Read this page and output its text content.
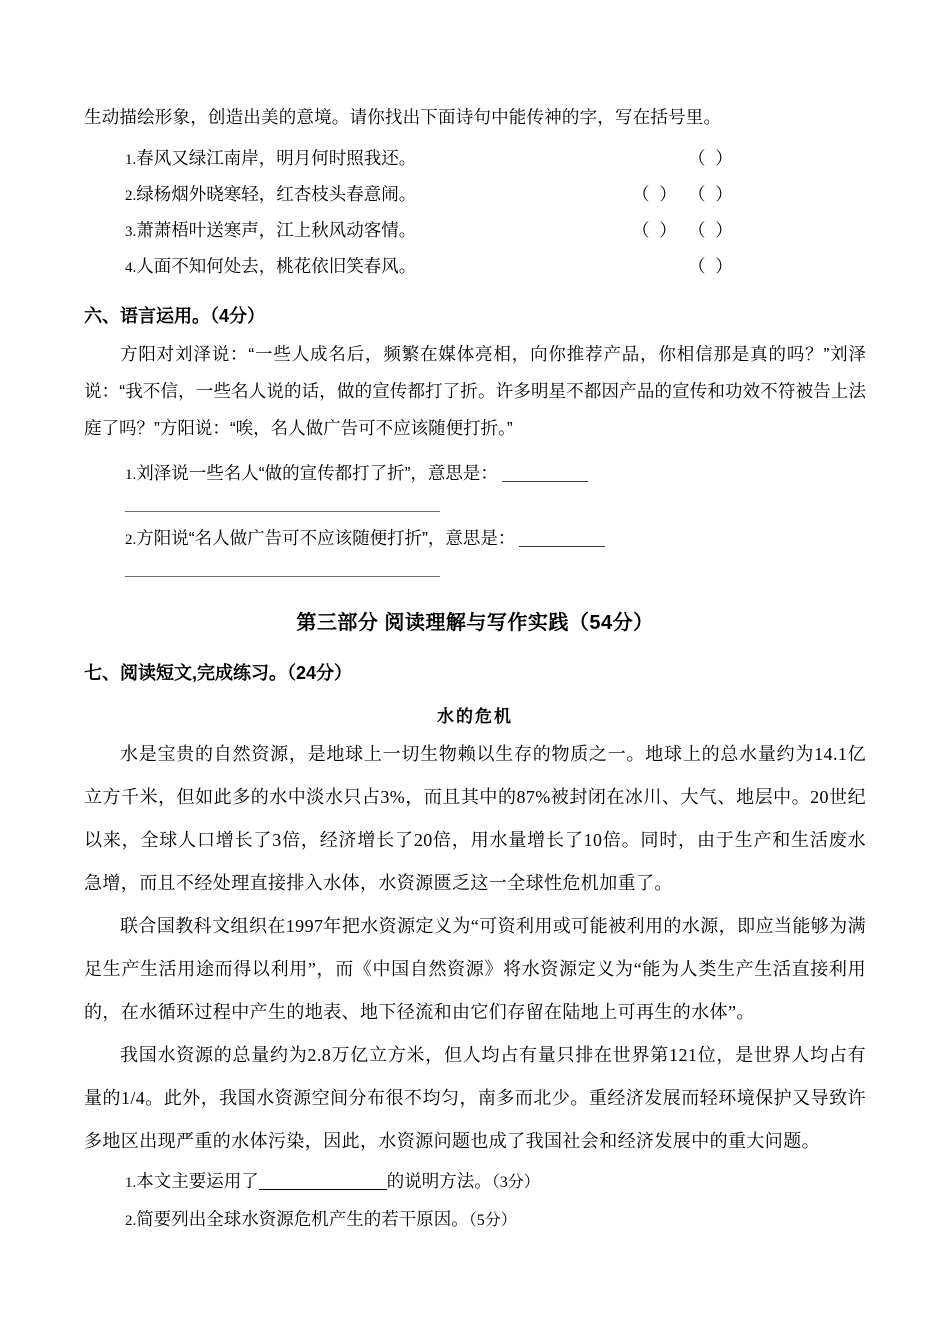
生动描绘形象，创造出美的意境。请你找出下面诗句中能传神的字，写在括号里。
1.春风又绿江南岸，明月何时照我还。	（  ）
2.绿杨烟外晓寒轻，红杏枝头春意闹。	（  ） （  ）
3.萧萧梧叶送寒声，江上秋风动客情。	（  ） （  ）
4.人面不知何处去，桃花依旧笑春风。	（  ）
六、语言运用。（4分）
方阳对刘泽说：“一些人成名后，频繁在媒体亮相，向你推荐产品，你相信那是真的吗？”刘泽说：“我不信，一些名人说的话，做的宣传都打了折。许多明星不都因产品的宣传和功效不符被告上法庭了吗？”方阳说：“唉，名人做广告可不应该随便打折。”
1.刘泽说一些名人“做的宣传都打了折”，意思是：
2.方阳说“名人做广告可不应该随便打折”，意思是：
第三部分 阅读理解与写作实践（54分）
七、阅读短文,完成练习。（24分）
水的危机

水是宝贵的自然资源，是地球上一切生物赖以生存的物质之一。地球上的总水量约为14.1亿立方千米，但如此多的水中淡水只占3%，而且其中的87%被封闭在冰川、大气、地层中。20世纪以来，全球人口增长了3倍，经济增长了20倍，用水量增长了10倍。同时，由于生产和生活废水急增，而且不经处理直接排入水体，水资源匮乏这一全球性危机加重了。

联合国教科文组织在1997年把水资源定义为“可资利用或可能被利用的水源，即应当能够为满足生产生活用途而得以利用”，而《中国自然资源》将水资源定义为“能为人类生产生活直接利用的，在水循环过程中产生的地表、地下径流和由它们存留在陆地上可再生的水体”。

我国水资源的总量约为2.8万亿立方米，但人均占有量只排在世界第121位，是世界人均占有量的1/4。此外，我国水资源空间分布很不均匀，南多而北少。重经济发展而轻环境保护又导致许多地区出现严重的水体污染，因此，水资源问题也成了我国社会和经济发展中的重大问题。

1.本文主要运用了	的说明方法。（3分）
2.简要列出全球水资源危机产生的若干原因。（5分）
